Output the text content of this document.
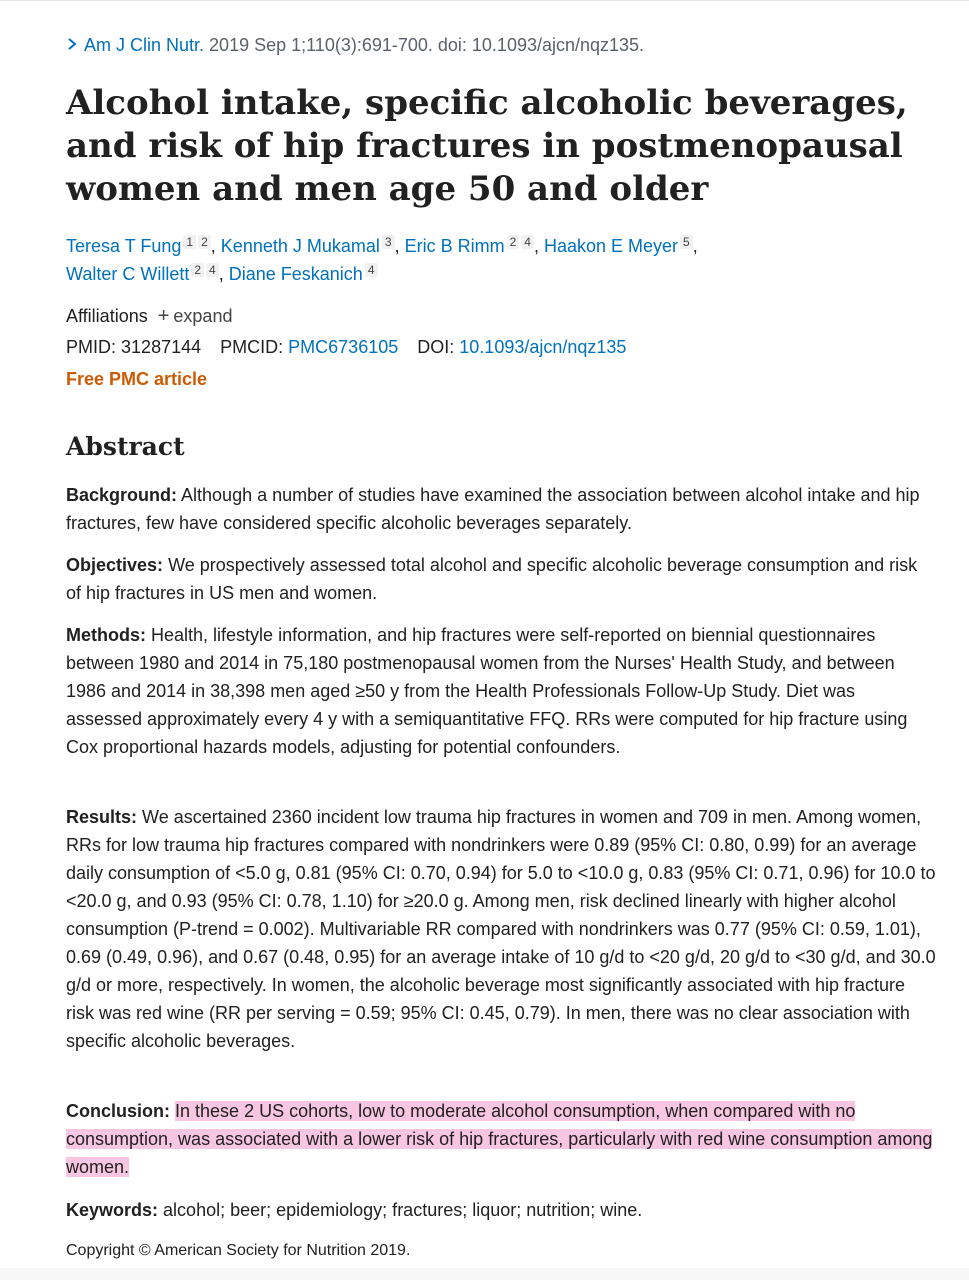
Am J Clin Nutr. 2019 Sep 1;110(3):691-700. doi: 10.1093/ajcn/nqz135.
Alcohol intake, specific alcoholic beverages, and risk of hip fractures in postmenopausal women and men age 50 and older
Teresa T Fung $^1$ $^2$ , Kenneth J Mukamal $^3$ , Eric B Rimm $^2$ $^4$ , Haakon E Meyer $^5$ ,
Walter C Willett $^2$ $^4$ , Diane Feskanich $^4$
Affiliations + expand
PMID: 31287144 PMCID: PMC6736105 DOI: 10.1093/ajcn/nqz135
Free PMC article
Abstract

Background: Although a number of studies have examined the association between alcohol intake and hip fractures, few have considered specific alcoholic beverages separately.

Objectives: We prospectively assessed total alcohol and specific alcoholic beverage consumption and risk of hip fractures in US men and women.

Methods: Health, lifestyle information, and hip fractures were self-reported on biennial questionnaires between 1980 and 2014 in 75,180 postmenopausal women from the Nurses' Health Study, and between 1986 and 2014 in 38,398 men aged ≥50 y from the Health Professionals Follow-Up Study. Diet was assessed approximately every 4 y with a semiquantitative FFQ. RRs were computed for hip fracture using Cox proportional hazards models, adjusting for potential confounders.

Results: We ascertained 2360 incident low trauma hip fractures in women and 709 in men. Among women, RRs for low trauma hip fractures compared with nondrinkers were 0.89 (95% CI: 0.80, 0.99) for an average daily consumption of <5.0 g, 0.81 (95% CI: 0.70, 0.94) for 5.0 to <10.0 g, 0.83 (95% CI: 0.71, 0.96) for 10.0 to <20.0 g, and 0.93 (95% CI: 0.78, 1.10) for ≥20.0 g. Among men, risk declined linearly with higher alcohol consumption (P-trend = 0.002). Multivariable RR compared with nondrinkers was 0.77 (95% CI: 0.59, 1.01), 0.69 (0.49, 0.96), and 0.67 (0.48, 0.95) for an average intake of 10 g/d to <20 g/d, 20 g/d to <30 g/d, and 30.0 g/d or more, respectively. In women, the alcoholic beverage most significantly associated with hip fracture risk was red wine (RR per serving = 0.59; 95% CI: 0.45, 0.79). In men, there was no clear association with specific alcoholic beverages.

Conclusion: In these 2 US cohorts, low to moderate alcohol consumption, when compared with no consumption, was associated with a lower risk of hip fractures, particularly with red wine consumption among women.

Keywords: alcohol; beer; epidemiology; fractures; liquor; nutrition; wine.

Copyright © American Society for Nutrition 2019.
